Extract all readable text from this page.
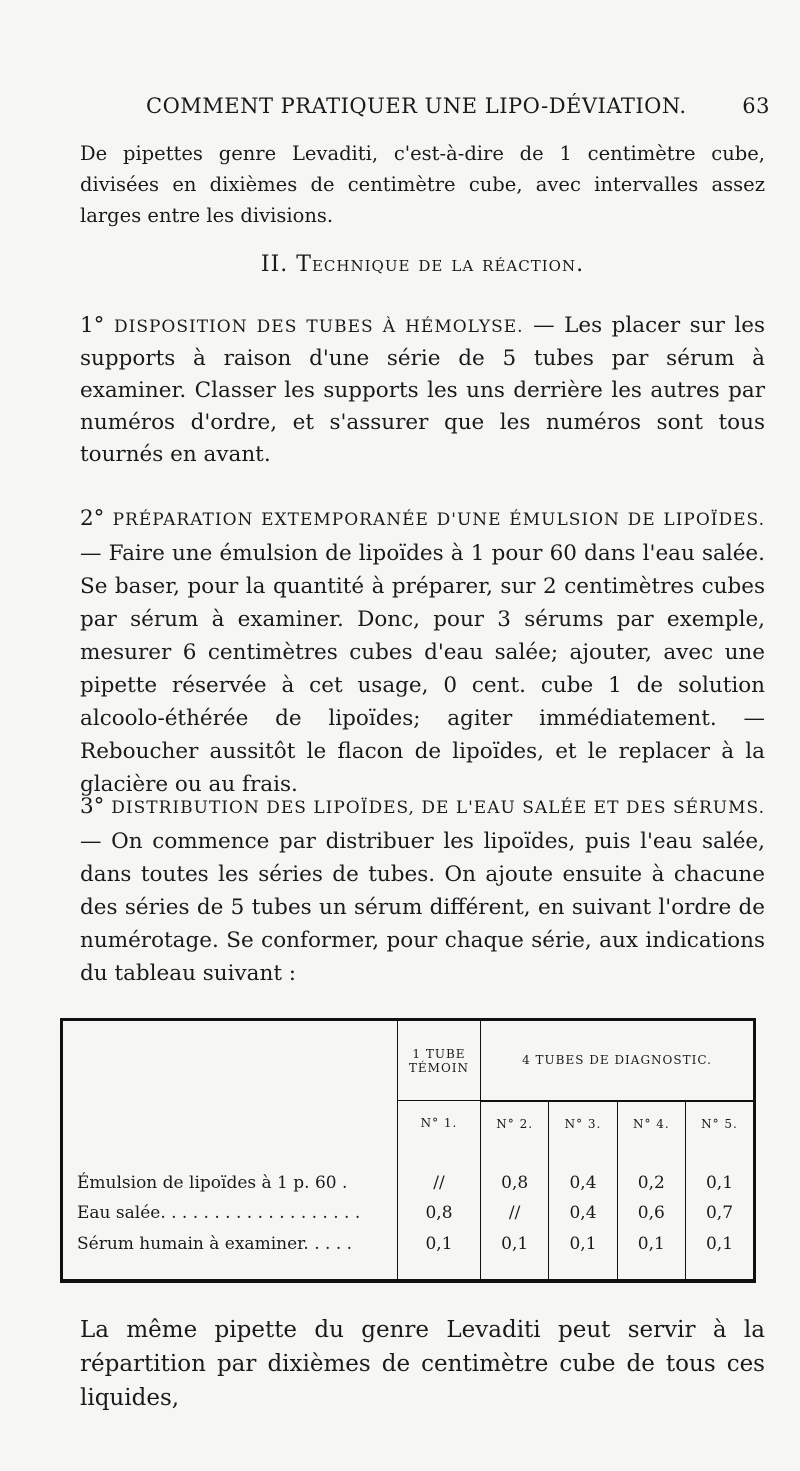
COMMENT PRATIQUER UNE LIPO-DÉVIATION.	63

De pipettes genre Levaditi, c'est-à-dire de 1 centimètre cube, divisées en dixièmes de centimètre cube, avec intervalles assez larges entre les divisions.

II. Technique de la réaction.

1° DISPOSITION DES TUBES À HÉMOLYSE. — Les placer sur les supports à raison d'une série de 5 tubes par sérum à examiner. Classer les supports les uns derrière les autres par numéros d'ordre, et s'assurer que les numéros sont tous tournés en avant.

2° PRÉPARATION EXTEMPORANÉE D'UNE ÉMULSION DE LIPOÏDES. — Faire une émulsion de lipoïdes à 1 pour 60 dans l'eau salée. Se baser, pour la quantité à préparer, sur 2 centimètres cubes par sérum à examiner. Donc, pour 3 sérums par exemple, mesurer 6 centimètres cubes d'eau salée; ajouter, avec une pipette réservée à cet usage, 0 cent. cube 1 de solution alcoolo-éthérée de lipoïdes; agiter immédiatement. — Reboucher aussitôt le flacon de lipoïdes, et le replacer à la glacière ou au frais.

3° DISTRIBUTION DES LIPOÏDES, DE L'EAU SALÉE ET DES SÉRUMS. — On commence par distribuer les lipoïdes, puis l'eau salée, dans toutes les séries de tubes. On ajoute ensuite à chacune des séries de 5 tubes un sérum différent, en suivant l'ordre de numérotage. Se conformer, pour chaque série, aux indications du tableau suivant :

	1 TUBE TÉMOIN	4 TUBES DE DIAGNOSTIC.			
	N° 1.	N° 2.	N° 3.	N° 4.	N° 5.

Émulsion de lipoïdes à 1 p. 60 .	//	0,8	0,4	0,2	0,1
Eau salée. . . . . . . . . . . . . . . . . . .	0,8	//	0,4	0,6	0,7
Sérum humain à examiner. . . . .	0,1	0,1	0,1	0,1	0,1

La même pipette du genre Levaditi peut servir à la répartition par dixièmes de centimètre cube de tous ces liquides,
